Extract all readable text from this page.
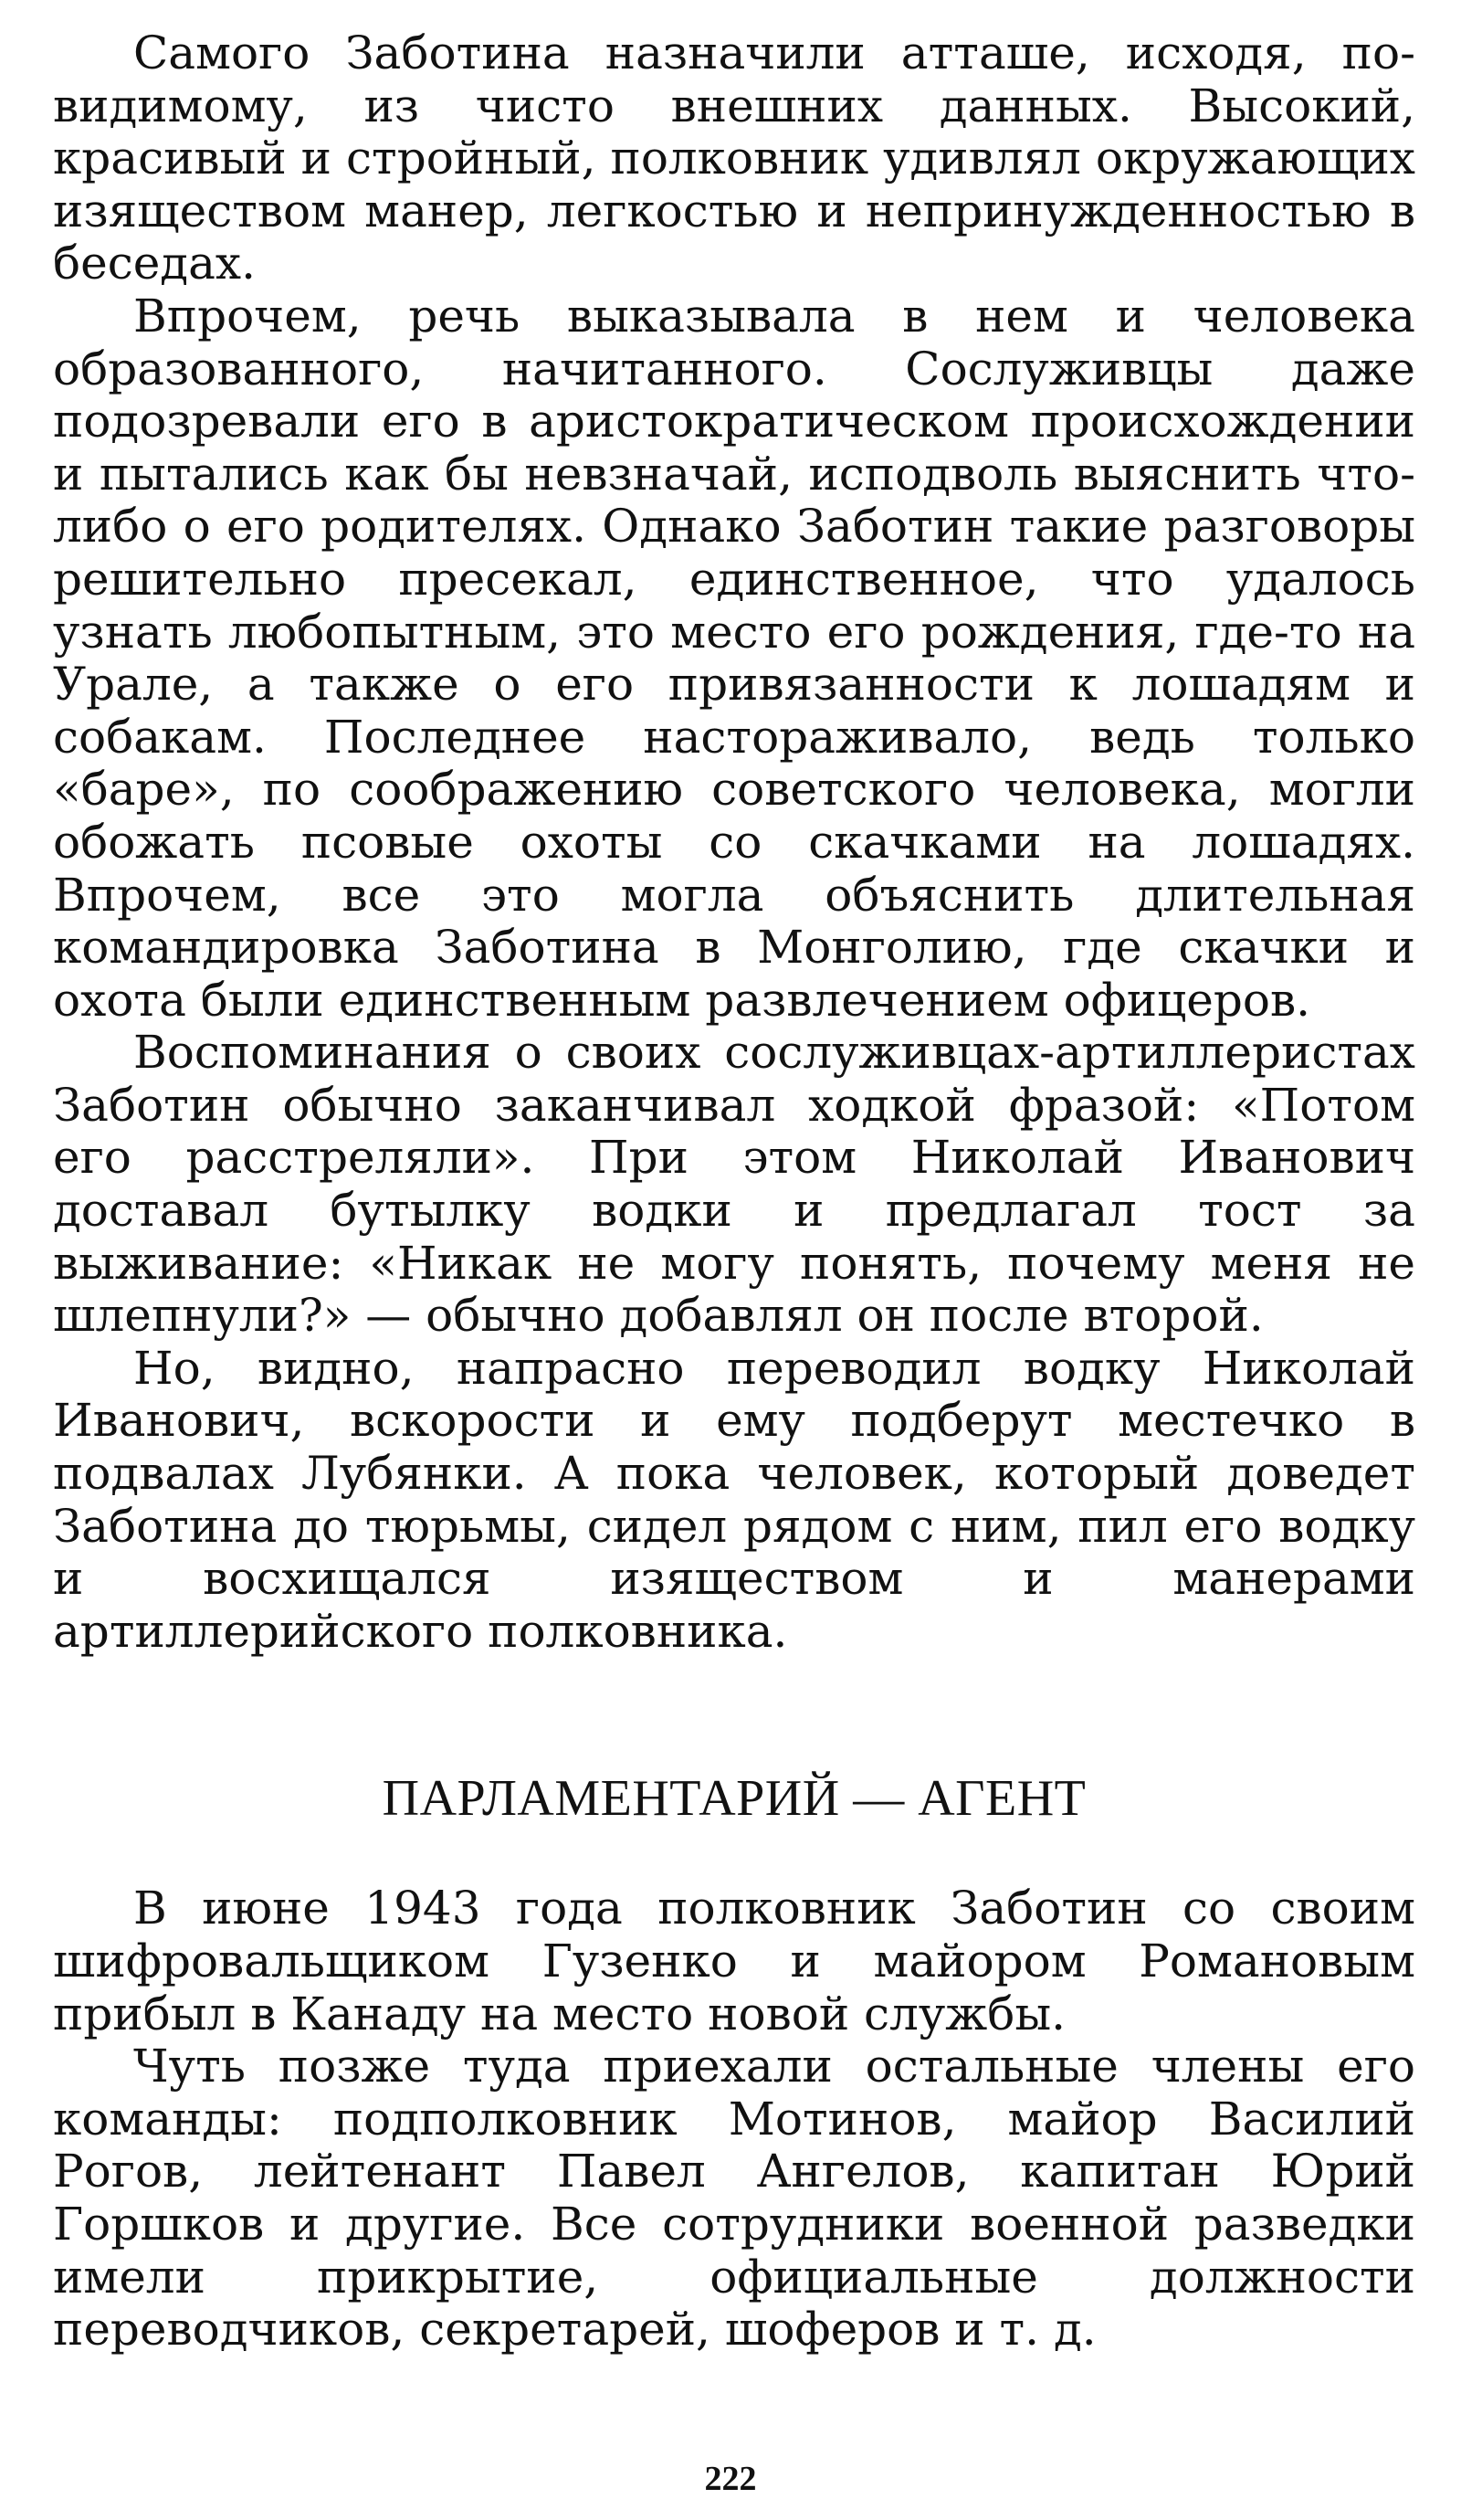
Самого Заботина назначили атташе, исходя, по-видимому, из чисто внешних данных. Высокий, красивый и стройный, полковник удивлял окружающих изяществом манер, легкостью и непринужденностью в беседах.

Впрочем, речь выказывала в нем и человека образованного, начитанного. Сослуживцы даже подозревали его в аристократическом происхождении и пытались как бы невзначай, исподволь выяснить что-либо о его родителях. Однако Заботин такие разговоры решительно пресекал, единственное, что удалось узнать любопытным, это место его рождения, где-то на Урале, а также о его привязанности к лошадям и собакам. Последнее настораживало, ведь только «баре», по соображению советского человека, могли обожать псовые охоты со скачками на лошадях. Впрочем, все это могла объяснить длительная командировка Заботина в Монголию, где скачки и охота были единственным развлечением офицеров.

Воспоминания о своих сослуживцах-артиллеристах Заботин обычно заканчивал ходкой фразой: «Потом его расстреляли». При этом Николай Иванович доставал бутылку водки и предлагал тост за выживание: «Никак не могу понять, почему меня не шлепнули?» — обычно добавлял он после второй.

Но, видно, напрасно переводил водку Николай Иванович, вскорости и ему подберут местечко в подвалах Лубянки. А пока человек, который доведет Заботина до тюрьмы, сидел рядом с ним, пил его водку и восхищался изяществом и манерами артиллерийского полковника.

ПАРЛАМЕНТАРИЙ — АГЕНТ

В июне 1943 года полковник Заботин со своим шифровальщиком Гузенко и майором Романовым прибыл в Канаду на место новой службы.

Чуть позже туда приехали остальные члены его команды: подполковник Мотинов, майор Василий Рогов, лейтенант Павел Ангелов, капитан Юрий Горшков и другие. Все сотрудники военной разведки имели прикрытие, официальные должности переводчиков, секретарей, шоферов и т. д.

222
